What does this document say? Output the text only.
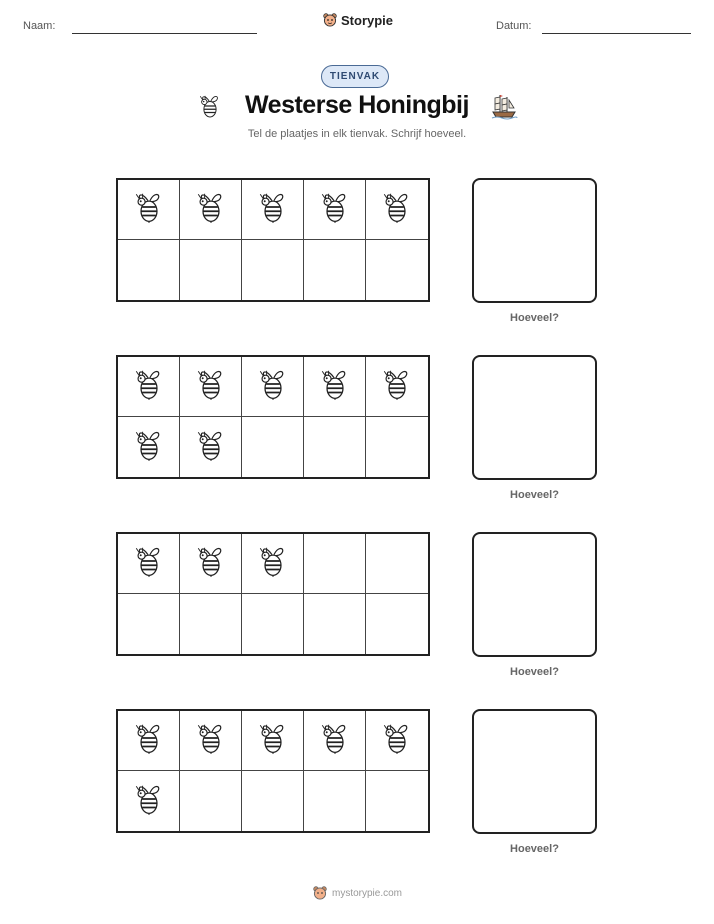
Naam:	Storypie	Datum:
TIENVAK
Westerse Honingbij
Tel de plaatjes in elk tienvak. Schrijf hoeveel.
Hoeveel?
Hoeveel?
Hoeveel?
Hoeveel?
mystorypie.com
